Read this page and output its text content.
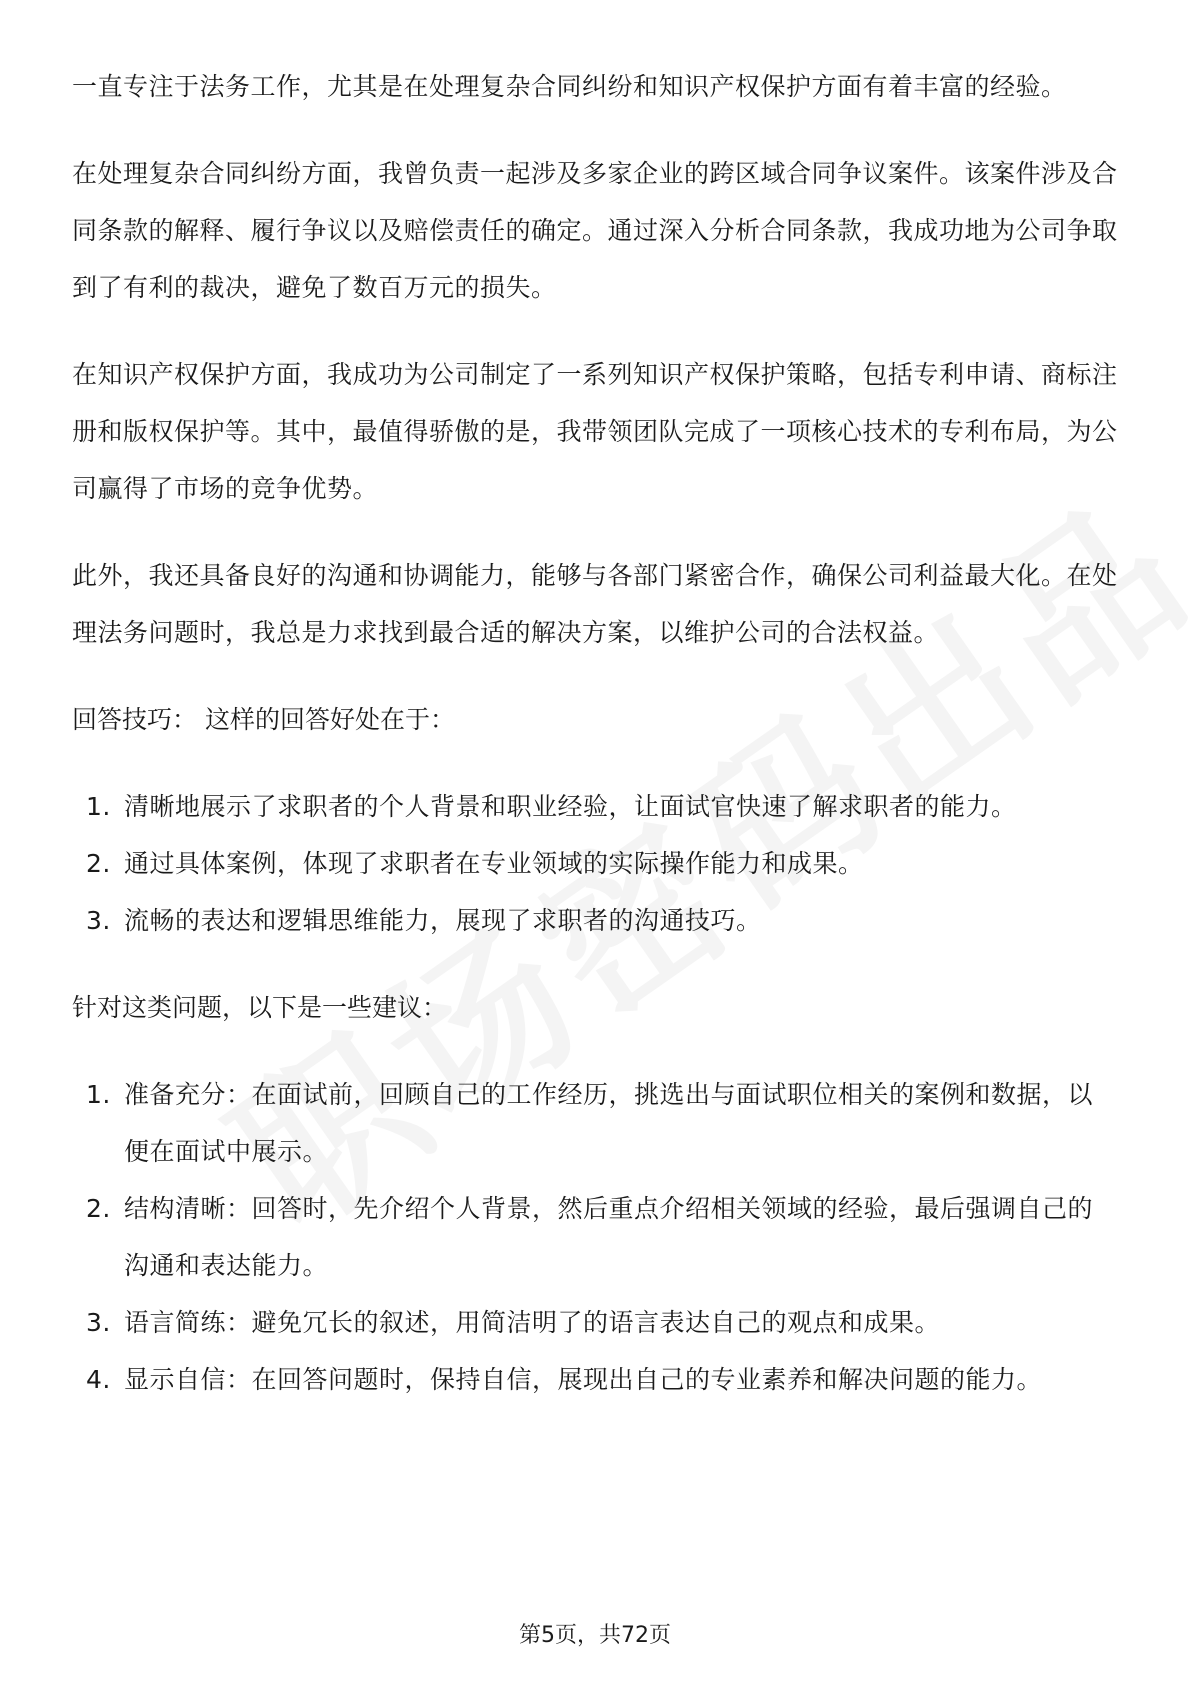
一直专注于法务工作，尤其是在处理复杂合同纠纷和知识产权保护方面有着丰富的经验。

在处理复杂合同纠纷方面，我曾负责一起涉及多家企业的跨区域合同争议案件。该案件涉及合同条款的解释、履行争议以及赔偿责任的确定。通过深入分析合同条款，我成功地为公司争取到了有利的裁决，避免了数百万元的损失。

在知识产权保护方面，我成功为公司制定了一系列知识产权保护策略，包括专利申请、商标注册和版权保护等。其中，最值得骄傲的是，我带领团队完成了一项核心技术的专利布局，为公司赢得了市场的竞争优势。

此外，我还具备良好的沟通和协调能力，能够与各部门紧密合作，确保公司利益最大化。在处理法务问题时，我总是力求找到最合适的解决方案，以维护公司的合法权益。

回答技巧： 这样的回答好处在于：

1. 清晰地展示了求职者的个人背景和职业经验，让面试官快速了解求职者的能力。
2. 通过具体案例，体现了求职者在专业领域的实际操作能力和成果。
3. 流畅的表达和逻辑思维能力，展现了求职者的沟通技巧。

针对这类问题，以下是一些建议：

1. 准备充分：在面试前，回顾自己的工作经历，挑选出与面试职位相关的案例和数据，以便在面试中展示。
2. 结构清晰：回答时，先介绍个人背景，然后重点介绍相关领域的经验，最后强调自己的沟通和表达能力。
3. 语言简练：避免冗长的叙述，用简洁明了的语言表达自己的观点和成果。
4. 显示自信：在回答问题时，保持自信，展现出自己的专业素养和解决问题的能力。
第5页，共72页
